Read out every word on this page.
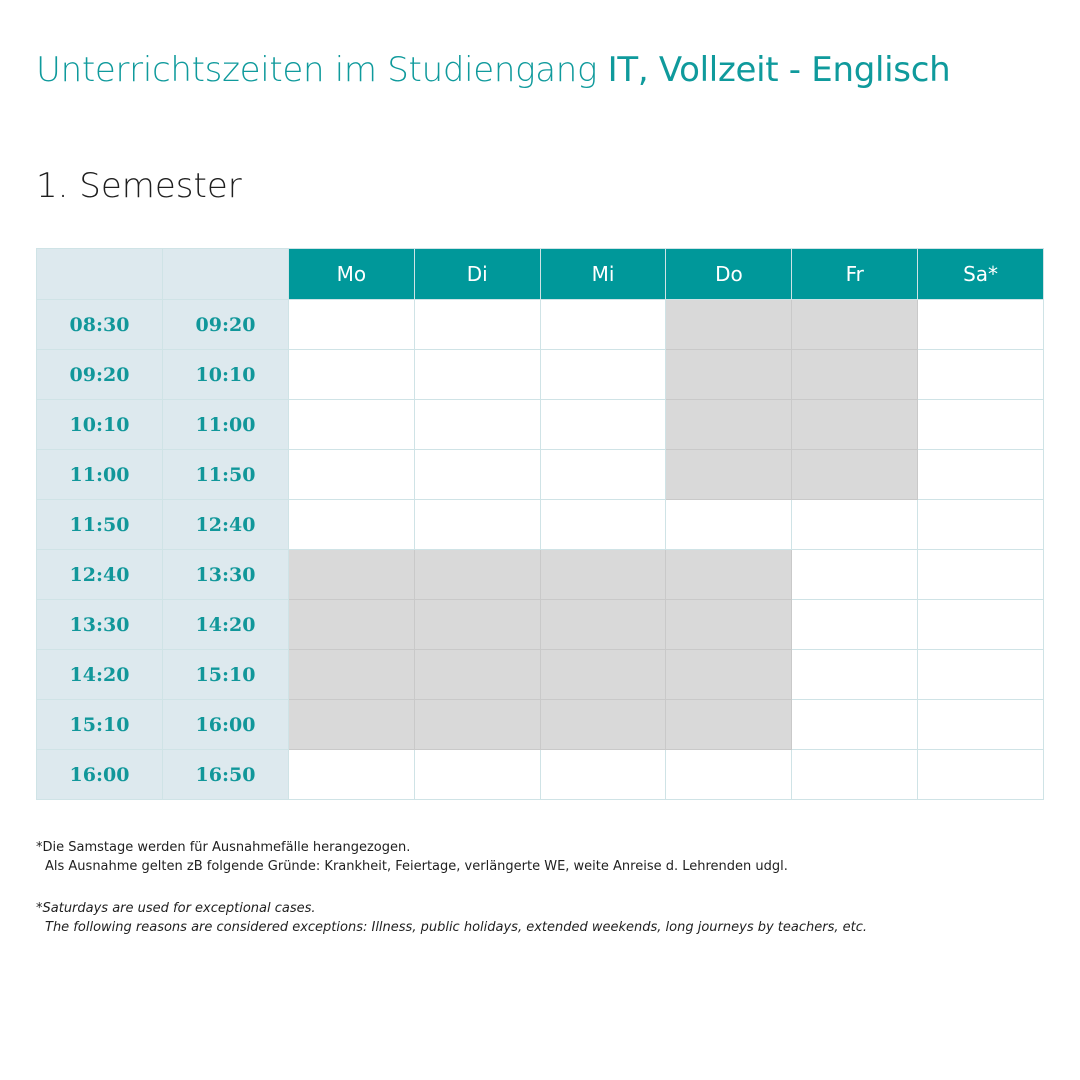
Unterrichtszeiten im Studiengang IT, Vollzeit - Englisch
1. Semester
		Mo	Di	Mi	Do	Fr	Sa*
08:30	09:20						
09:20	10:10						
10:10	11:00						
11:00	11:50						
11:50	12:40						
12:40	13:30						
13:30	14:20						
14:20	15:10						
15:10	16:00						
16:00	16:50						

*Die Samstage werden für Ausnahmefälle herangezogen.

Als Ausnahme gelten zB folgende Gründe: Krankheit, Feiertage, verlängerte WE, weite Anreise d. Lehrenden udgl.

*Saturdays are used for exceptional cases.

The following reasons are considered exceptions: Illness, public holidays, extended weekends, long journeys by teachers, etc.
